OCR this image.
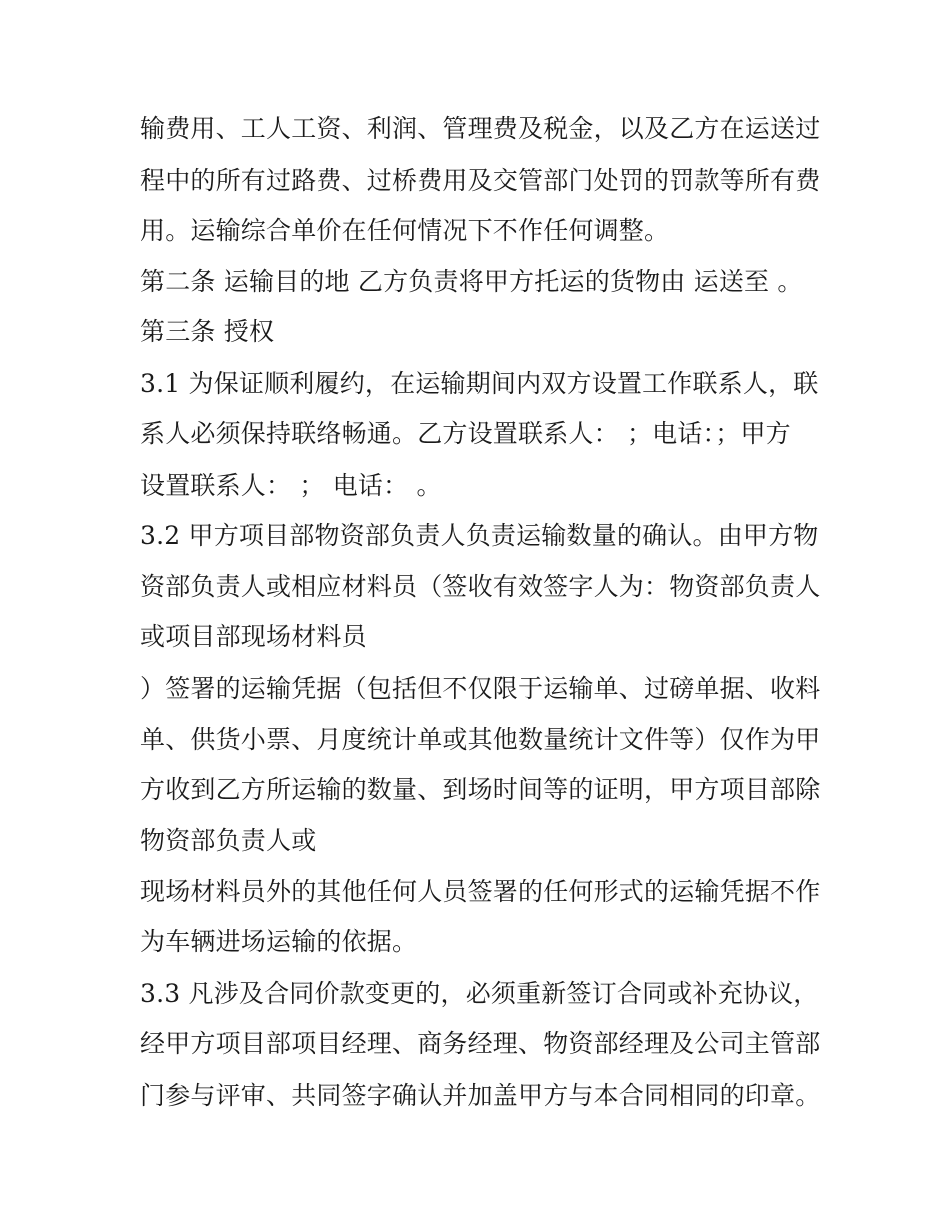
输费用、工人工资、利润、管理费及税金，以及乙方在运送过
程中的所有过路费、过桥费用及交管部门处罚的罚款等所有费
用。运输综合单价在任何情况下不作任何调整。
第二条 运输目的地 乙方负责将甲方托运的货物由 运送至 。
第三条 授权
3.1 为保证顺利履约，在运输期间内双方设置工作联系人，联
系人必须保持联络畅通。乙方设置联系人： ；电话：；甲方
设置联系人： ； 电话： 。
3.2 甲方项目部物资部负责人负责运输数量的确认。由甲方物
资部负责人或相应材料员（签收有效签字人为：物资部负责人
或项目部现场材料员
）签署的运输凭据（包括但不仅限于运输单、过磅单据、收料
单、供货小票、月度统计单或其他数量统计文件等）仅作为甲
方收到乙方所运输的数量、到场时间等的证明，甲方项目部除
物资部负责人或
现场材料员外的其他任何人员签署的任何形式的运输凭据不作
为车辆进场运输的依据。
3.3 凡涉及合同价款变更的，必须重新签订合同或补充协议，
经甲方项目部项目经理、商务经理、物资部经理及公司主管部
门参与评审、共同签字确认并加盖甲方与本合同相同的印章。
